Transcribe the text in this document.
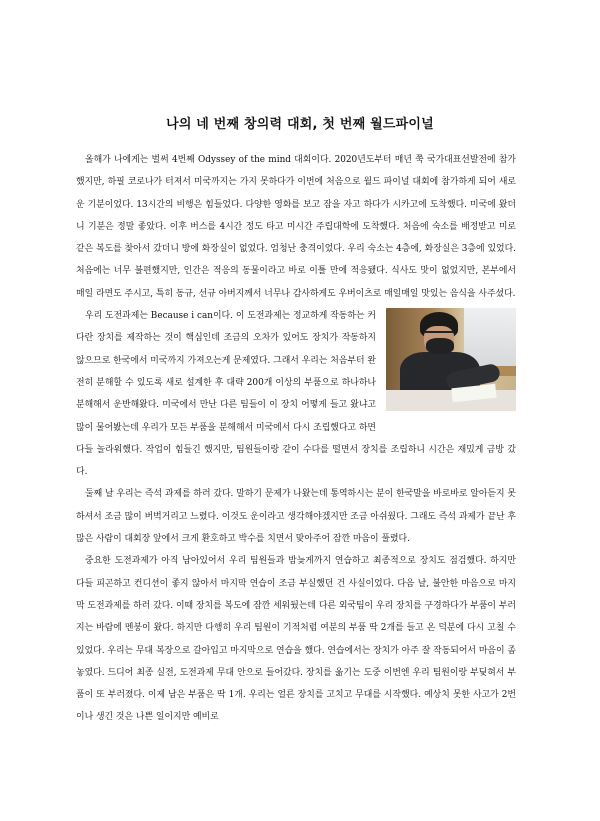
나의 네 번째 창의력 대회, 첫 번째 월드파이널

올해가 나에게는 벌써 4번째 Odyssey of the mind 대회이다. 2020년도부터 매년 쭉 국가대표선발전에 참가했지만, 하필 코로나가 터져서 미국까지는 가지 못하다가 이번에 처음으로 월드 파이널 대회에 참가하게 되어 새로운 기분이었다. 13시간의 비행은 힘들었다. 다양한 영화를 보고 잠을 자고 하다가 시카고에 도착했다. 미국에 왔더니 기분은 정말 좋았다. 이후 버스를 4시간 정도 타고 미시간 주립대학에 도착했다. 처음에 숙소를 배정받고 미로 같은 복도를 찾아서 갔더니 방에 화장실이 없었다. 엄청난 충격이었다. 우리 숙소는 4층에, 화장실은 3층에 있었다. 처음에는 너무 불편했지만, 인간은 적응의 동물이라고 바로 이틀 만에 적응됐다. 식사도 맛이 없었지만, 본부에서 매일 라면도 주시고, 특히 동규, 선규 아버지께서 너무나 감사하게도 우버이츠로 매일매일 맛있는 음식을 사주셨다.

우리 도전과제는 Because i can이다. 이 도전과제는 정교하게 작동하는 커다란 장치를 제작하는 것이 핵심인데 조금의 오차가 있어도 장치가 작동하지 않으므로 한국에서 미국까지 가져오는게 문제였다. 그래서 우리는 처음부터 완전히 분해할 수 있도록 새로 설계한 후 대략 200개 이상의 부품으로 하나하나 분해해서 운반해왔다. 미국에서 만난 다른 팀들이 이 장치 어떻게 들고 왔냐고 많이 물어봤는데 우리가 모든 부품을 분해해서 미국에서 다시 조립했다고 하면 다들 놀라워했다. 작업이 힘들긴 했지만, 팀원들이랑 같이 수다를 떨면서 장치를 조립하니 시간은 재밌게 금방 갔다.

둘째 날 우리는 즉석 과제를 하러 갔다. 말하기 문제가 나왔는데 통역하시는 분이 한국말을 바로바로 알아듣지 못하셔서 조금 많이 버벅거리고 느렸다. 이것도 운이라고 생각해야겠지만 조금 아쉬웠다. 그래도 즉석 과제가 끝난 후 많은 사람이 대회장 앞에서 크게 환호하고 박수를 치면서 맞아주어 잠깐 마음이 풀렸다.

중요한 도전과제가 아직 남아있어서 우리 팀원들과 밤늦게까지 연습하고 최종적으로 장치도 점검했다. 하지만 다들 피곤하고 컨디션이 좋지 않아서 마지막 연습이 조금 부실했던 건 사실이었다. 다음 날, 불안한 마음으로 마지막 도전과제를 하러 갔다. 이때 장치를 복도에 잠깐 세워뒀는데 다른 외국팀이 우리 장치를 구경하다가 부품이 부러지는 바람에 멘붕이 왔다. 하지만 다행히 우리 팀원이 기적처럼 여분의 부품 딱 2개를 들고 온 덕분에 다시 고칠 수 있었다. 우리는 무대 복장으로 갈아입고 마지막으로 연습을 했다. 연습에서는 장치가 아주 잘 작동되어서 마음이 좀 놓였다. 드디어 최종 실전, 도전과제 무대 안으로 들어갔다. 장치를 옮기는 도중 이번엔 우리 팀원이랑 부딪혀서 부품이 또 부러졌다. 이제 남은 부품은 딱 1개. 우리는 얼른 장치를 고치고 무대를 시작했다. 예상치 못한 사고가 2번이나 생긴 것은 나쁜 일이지만 예비로
